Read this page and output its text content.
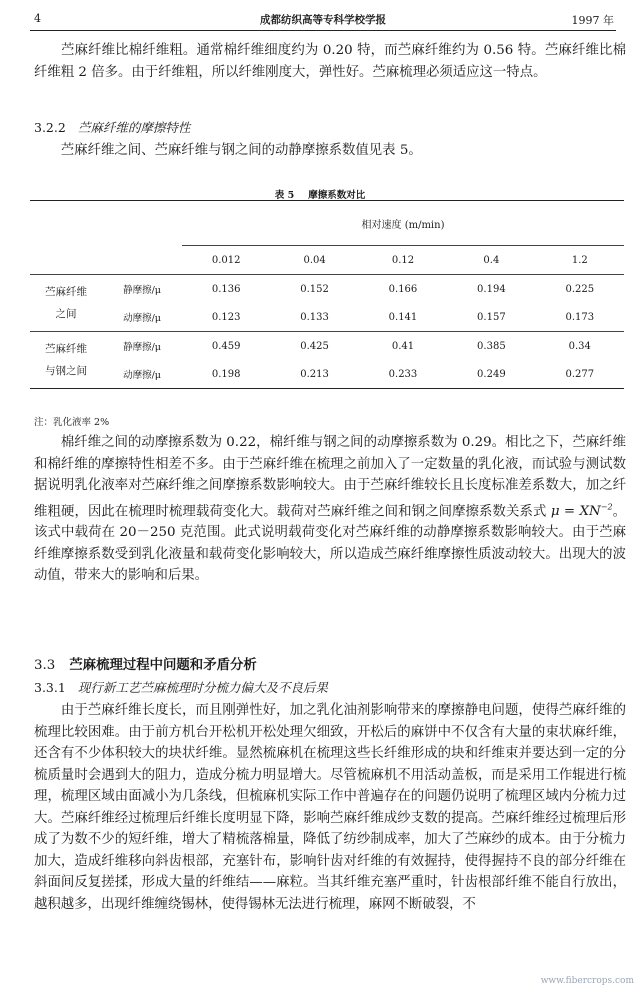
4	成都纺织高等专科学校学报	1997 年

苎麻纤维比棉纤维粗。通常棉纤维细度约为 0.20 特，而苎麻纤维约为 0.56 特。苎麻纤维比棉纤维粗 2 倍多。由于纤维粗，所以纤维刚度大，弹性好。苎麻梳理必须适应这一特点。

3.2.2 苎麻纤维的摩擦特性

苎麻纤维之间、苎麻纤维与钢之间的动静摩擦系数值见表 5。

表 5 摩擦系数对比
		相对速度 (m/min)				
		0.012	0.04	0.12	0.4	1.2
苎麻纤维
之间	静摩擦/μ	0.136	0.152	0.166	0.194	0.225
	动摩擦/μ	0.123	0.133	0.141	0.157	0.173
苎麻纤维
与钢之间	静摩擦/μ	0.459	0.425	0.41	0.385	0.34
	动摩擦/μ	0.198	0.213	0.233	0.249	0.277
注：乳化液率 2%

棉纤维之间的动摩擦系数为 0.22，棉纤维与钢之间的动摩擦系数为 0.29。相比之下，苎麻纤维和棉纤维的摩擦特性相差不多。由于苎麻纤维在梳理之前加入了一定数量的乳化液，而试验与测试数据说明乳化液率对苎麻纤维之间摩擦系数影响较大。由于苎麻纤维较长且长度标准差系数大，加之纤维粗硬，因此在梳理时梳理载荷变化大。载荷对苎麻纤维之间和钢之间摩擦系数关系式 $\mu = XN^{-2}$。该式中载荷在 20－250 克范围。此式说明载荷变化对苎麻纤维的动静摩擦系数影响较大。由于苎麻纤维摩擦系数受到乳化液量和载荷变化影响较大，所以造成苎麻纤维摩擦性质波动较大。出现大的波动值，带来大的影响和后果。

3.3 苎麻梳理过程中问题和矛盾分析

3.3.1 现行新工艺苎麻梳理时分梳力偏大及不良后果

由于苎麻纤维长度长，而且刚弹性好，加之乳化油剂影响带来的摩擦静电问题，使得苎麻纤维的梳理比较困难。由于前方机台开松机开松处理欠细致，开松后的麻饼中不仅含有大量的束状麻纤维，还含有不少体积较大的块状纤维。显然梳麻机在梳理这些长纤维形成的块和纤维束并要达到一定的分梳质量时会遇到大的阻力，造成分梳力明显增大。尽管梳麻机不用活动盖板，而是采用工作辊进行梳理，梳理区域由面减小为几条线，但梳麻机实际工作中普遍存在的问题仍说明了梳理区域内分梳力过大。苎麻纤维经过梳理后纤维长度明显下降，影响苎麻纤维成纱支数的提高。苎麻纤维经过梳理后形成了为数不少的短纤维，增大了精梳落棉量，降低了纺纱制成率，加大了苎麻纱的成本。由于分梳力加大，造成纤维移向斜齿根部，充塞针布，影响针齿对纤维的有效握持，使得握持不良的部分纤维在斜面间反复搓揉，形成大量的纤维结——麻粒。当其纤维充塞严重时，针齿根部纤维不能自行放出，越积越多，出现纤维缠绕锡林，使得锡林无法进行梳理，麻网不断破裂，不

www.fibercrops.com
